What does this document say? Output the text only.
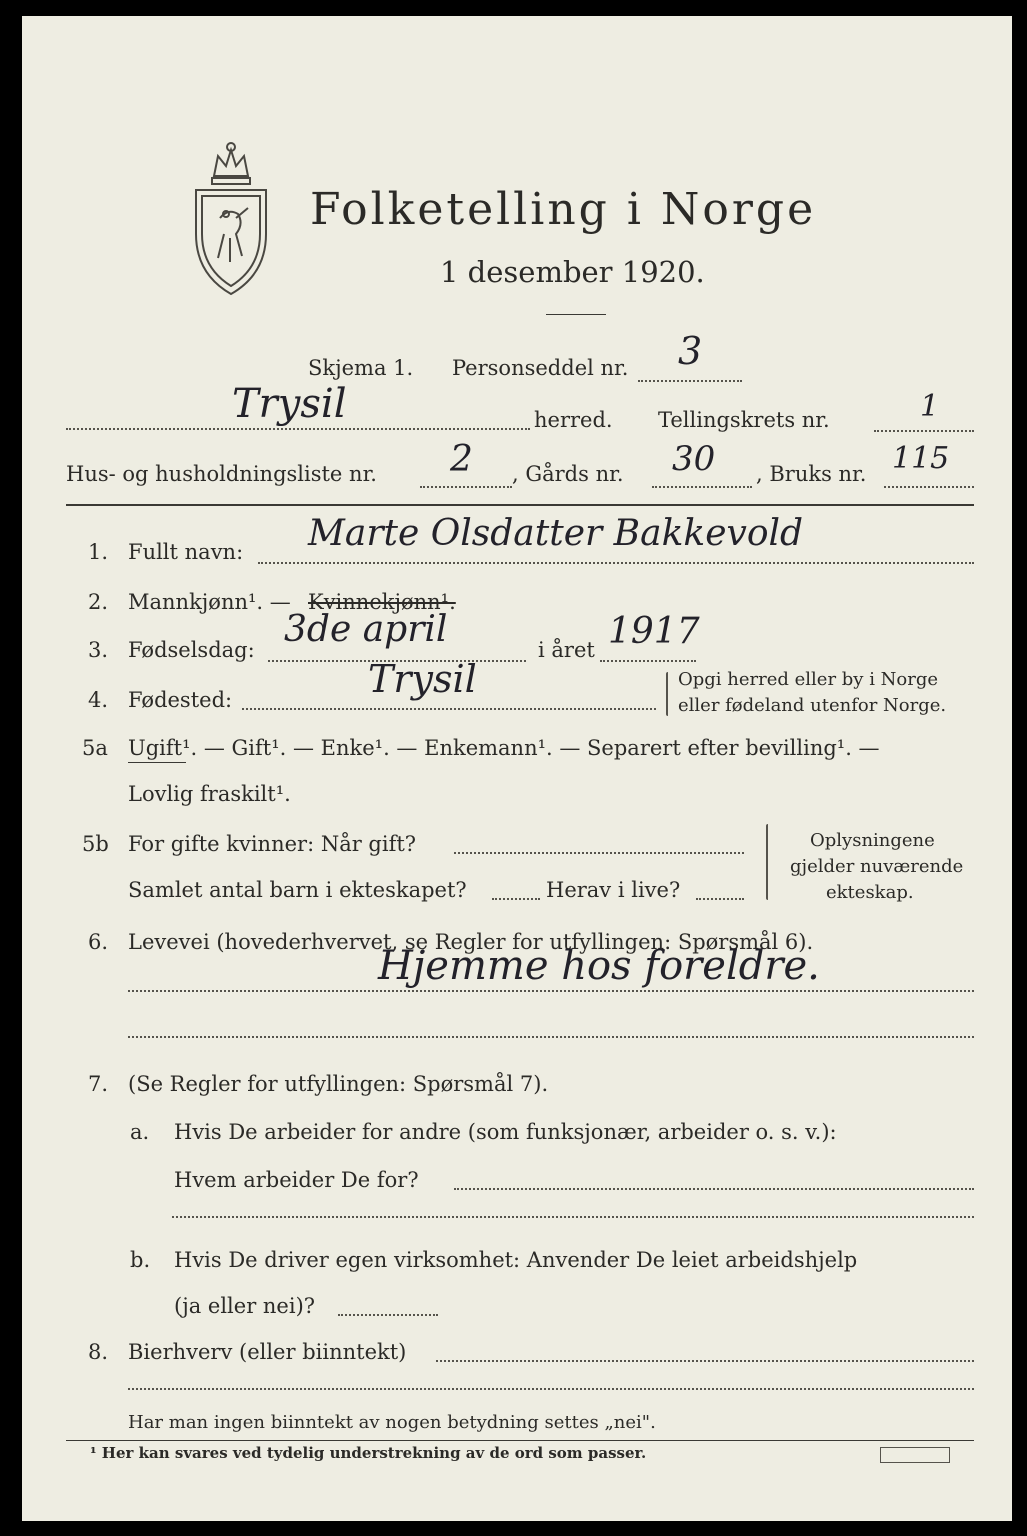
Folketelling i Norge
1 desember 1920.
Skjema 1. Personseddel nr. 3
Trysil	herred. Tellingskrets nr.	1
Hus- og husholdningsliste nr. 2 , Gårds nr. 30 , Bruks nr. 115
1. Fullt navn: Marte Olsdatter Bakkevold
2. Mannkjønn¹. — Kvinnekjønn¹.
3. Fødselsdag: 3de april	i året 1917
4. Fødested:	Trysil	Opgi herred eller by i Norge
eller fødeland utenfor Norge.
5a Ugift¹. — Gift¹. — Enke¹. — Enkemann¹. — Separert efter bevilling¹. —
Lovlig fraskilt¹.
5b For gifte kvinner: Når gift?
Samlet antal barn i ekteskapet?	Herav i live?
Oplysningene
gjelder nuværende
ekteskap.
6. Levevei (hovederhvervet, se Regler for utfyllingen: Spørsmål 6).
Hjemme hos foreldre.
7. (Se Regler for utfyllingen: Spørsmål 7).
a. Hvis De arbeider for andre (som funksjonær, arbeider o. s. v.):
Hvem arbeider De for?
b. Hvis De driver egen virksomhet: Anvender De leiet arbeidshjelp
(ja eller nei)?
8. Bierhverv (eller biinntekt)
Har man ingen biinntekt av nogen betydning settes „nei".
¹ Her kan svares ved tydelig understrekning av de ord som passer.
